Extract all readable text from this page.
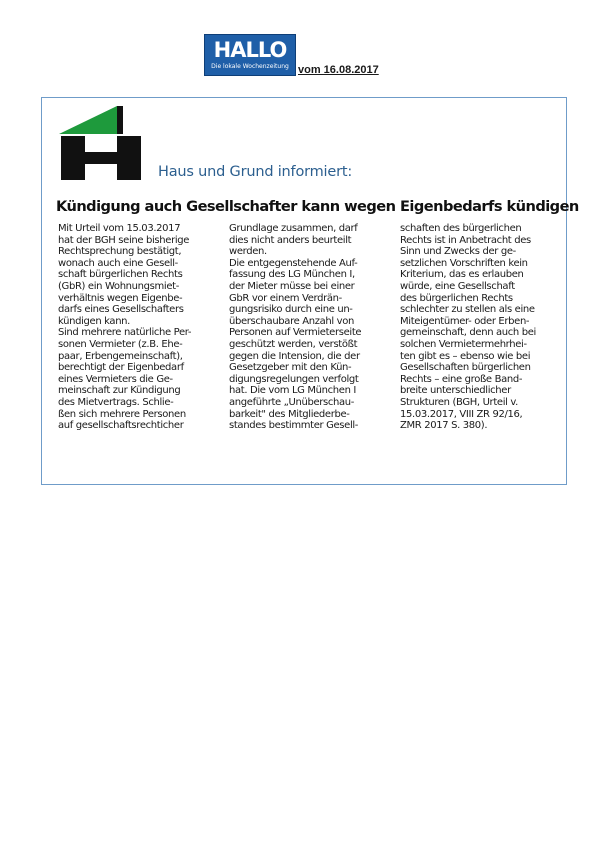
HALLO
Die lokale Wochenzeitung vom 16.08.2017
Haus und Grund informiert:
Kündigung auch Gesellschafter kann wegen Eigenbedarfs kündigen
Mit Urteil vom 15.03.2017
hat der BGH seine bisherige
Rechtsprechung bestätigt,
wonach auch eine Gesell-
schaft bürgerlichen Rechts
(GbR) ein Wohnungsmiet-
verhältnis wegen Eigenbe-
darfs eines Gesellschafters
kündigen kann.
Sind mehrere natürliche Per-
sonen Vermieter (z.B. Ehe-
paar, Erbengemeinschaft),
berechtigt der Eigenbedarf
eines Vermieters die Ge-
meinschaft zur Kündigung
des Mietvertrags. Schlie-
ßen sich mehrere Personen
auf gesellschaftsrechticher
Grundlage zusammen, darf
dies nicht anders beurteilt
werden.
Die entgegenstehende Auf-
fassung des LG München I,
der Mieter müsse bei einer
GbR vor einem Verdrän-
gungsrisiko durch eine un-
überschaubare Anzahl von
Personen auf Vermieterseite
geschützt werden, verstößt
gegen die Intension, die der
Gesetzgeber mit den Kün-
digungsregelungen verfolgt
hat. Die vom LG München I
angeführte „Unüberschau-
barkeit" des Mitgliederbe-
standes bestimmter Gesell-
schaften des bürgerlichen
Rechts ist in Anbetracht des
Sinn und Zwecks der ge-
setzlichen Vorschriften kein
Kriterium, das es erlauben
würde, eine Gesellschaft
des bürgerlichen Rechts
schlechter zu stellen als eine
Miteigentümer- oder Erben-
gemeinschaft, denn auch bei
solchen Vermietermehrhei-
ten gibt es – ebenso wie bei
Gesellschaften bürgerlichen
Rechts – eine große Band-
breite unterschiedlicher
Strukturen (BGH, Urteil v.
15.03.2017, VIII ZR 92/16,
ZMR 2017 S. 380).
